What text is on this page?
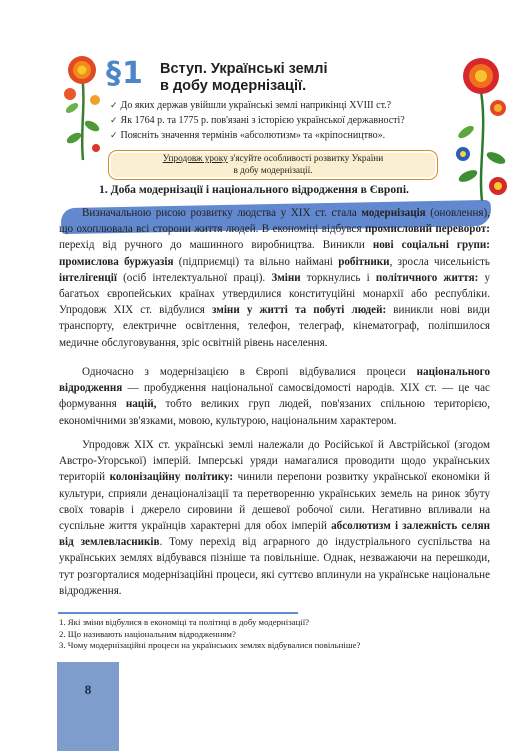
§1 Вступ. Українські землі
в добу модернізації.
✓ До яких держав увійшли українські землі наприкінці XVIII ст.?
✓ Як 1764 р. та 1775 р. пов'язані з історією української державності?
✓ Поясніть значення термінів «абсолютизм» та «кріпосництво».
Упродовж уроку з'ясуйте особливості розвитку України
в добу модернізації.
1. Доба модернізації і національного відродження в Європі.
Визначальною рисою розвитку людства у XIX ст. стала модернізація (оновлення), що охоплювала всі сторони життя людей. В економіці відбувся промисловий переворот: перехід від ручного до машинного виробництва. Виникли нові соціальні групи: промислова буржуазія (підприємці) та вільно наймані робітники, зросла чисельність інтелігенції (осіб інтелектуальної праці). Зміни торкнулись і політичного життя: у багатьох європейських країнах утвердилися конституційні монархії або республіки. Упродовж XIX ст. відбулися зміни у житті та побуті людей: виникли нові види транспорту, електричне освітлення, телефон, телеграф, кінематограф, поліпшилося медичне обслуговування, зріс освітній рівень населення.
Одночасно з модернізацією в Європі відбувалися процеси національного відродження — пробудження національної самосвідомості народів. XIX ст. — це час формування націй, тобто великих груп людей, пов'язаних спільною територією, економічними зв'язками, мовою, культурою, національним характером.
Упродовж XIX ст. українські землі належали до Російської й Австрійської (згодом Австро-Угорської) імперій. Імперські уряди намагалися проводити щодо українських територій колонізаційну політику: чинили перепони розвитку української економіки й культури, сприяли денаціоналізації та перетворенню українських земель на ринок збуту своїх товарів і джерело сировини й дешевої робочої сили. Негативно впливали на суспільне життя українців характерні для обох імперій абсолютизм і залежність селян від землевласників. Тому перехід від аграрного до індустріального суспільства на українських землях відбувався пізніше та повільніше. Однак, незважаючи на перешкоди, тут розгорталися модернізаційні процеси, які суттєво вплинули на українське національне відродження.
1. Які зміни відбулися в економіці та політиці в добу модернізації?
2. Що називають національним відродженням?
3. Чому модернізаційні процеси на українських землях відбувалися повільніше?
8
